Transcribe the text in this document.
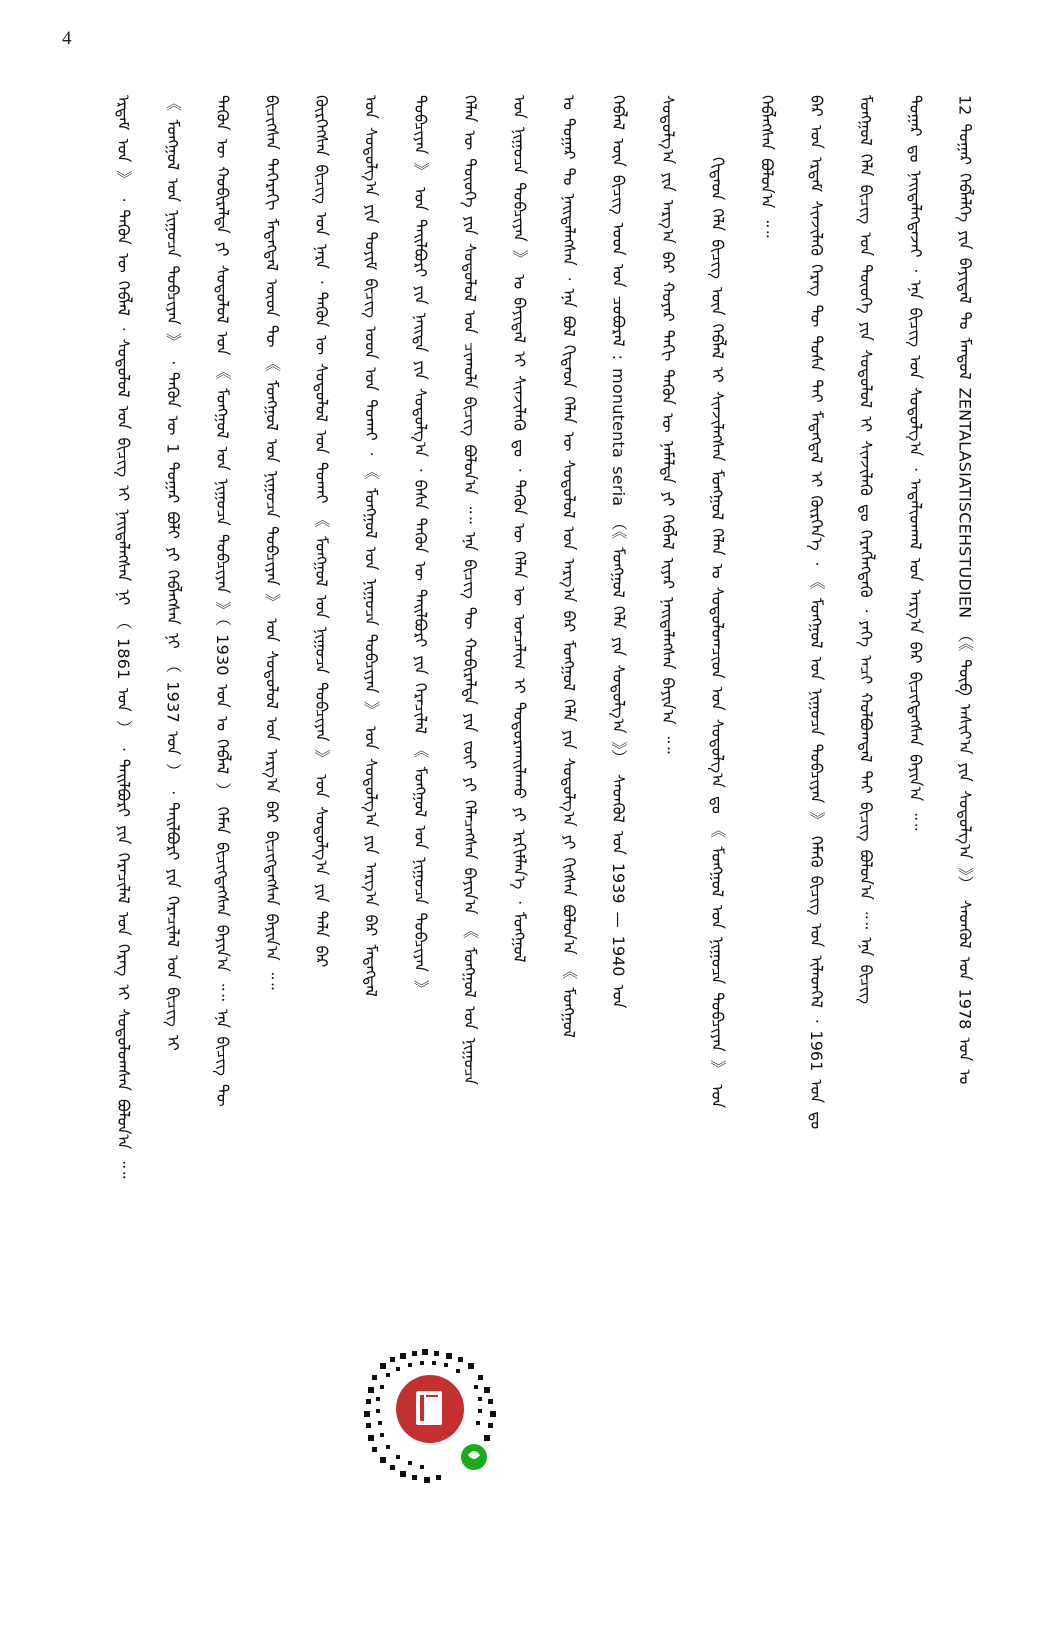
4
12 ᠲᠤᠭᠠᠷ ᠬᠡᠪᠯᠡᠯᠭᠡ ᠶᠢᠨ ᠪᠠᠶᠢᠳᠠᠯ ᠲᠤ ᠮᠠᠨᠳᠤᠯ ZENTALASIATISCEHSTUDIEN （《 ᠲᠥᠪ ᠠᠰᠢᠶ᠎ᠠ ᠶᠢᠨ ᠰᠤᠳᠤᠯᠭ᠎ᠠ 》） ᠰᠡᠳᠬᠦᠯ ᠤᠨ 1978 ᠣᠨ ᠤ
ᠳᠤᠭᠠᠷ ᠳᠤ ᠨᠡᠢᠲᠡᠯᠡᠭᠳᠡᠵᠡᠢ ᠂ ᠡᠨᠡ ᠪᠢᠴᠢᠭ ᠤᠨ ᠰᠤᠳᠤᠯᠭ᠎ᠠ ᠂ ᠠᠳᠠᠯᠢᠳᠬᠠᠯ ᠤᠨ ᠠᠷᠭ᠎ᠠ ᠪᠠᠷ ᠪᠢᠴᠢᠭᠳᠡᠭᠰᠡᠨ ᠪᠠᠶᠢᠨ᠎ᠠ ᠃᠃
ᠮᠣᠩᠭᠣᠯ ᠬᠡᠯᠡ ᠪᠢᠴᠢᠭ ᠤᠨ ᠲᠦᠦᠬᠡ ᠶᠢᠨ ᠰᠤᠳᠤᠯᠤᠯ ᠢ ᠰᠢᠨᠵᠢᠯᠡᠬᠦ ᠳᠤ ᠬᠡᠷᠡᠭᠯᠡᠭᠳᠡᠬᠦ ᠂ ᠶᠡᠬᠡ ᠠᠴᠢ ᠬᠣᠯᠪᠣᠭᠳᠠᠯ ᠲᠠᠢ ᠪᠢᠴᠢᠭ ᠪᠣᠯᠤᠨ᠎ᠠ ᠃᠃ ᠡᠨᠡ ᠪᠢᠴᠢᠭ
ᠪᠠᠷ ᠤᠨ ᠡᠷᠳᠡᠮ ᠰᠢᠨᠵᠢᠯᠡᠬᠦ ᠬᠡᠷᠡᠭ ᠲᠦ ᠲᠤᠰᠠ ᠲᠠᠢ ᠮᠡᠳᠡᠭᠳᠡᠯ ᠢ ᠬᠦᠷᠭᠡᠨ᠎ᠡ ᠂ 《 ᠮᠣᠩᠭᠣᠯ ᠤᠨ ᠨᠢᠭᠤᠴᠠ ᠲᠣᠪᠴᠢᠶᠠᠨ 》 ᠬᠡᠮᠡᠬᠦ ᠪᠢᠴᠢᠭ ᠤᠨ ᠢᠯᠡᠳᠭᠡᠯ ᠂ 1961 ᠣᠨ ᠳᠤ
ᠬᠡᠪᠯᠡᠭᠰᠡᠨ ᠪᠣᠯᠤᠨ᠎ᠠ ᠃᠃
ᠬᠢᠲᠠᠳ ᠬᠡᠯᠡ ᠪᠢᠴᠢᠭ ᠦᠨ ᠬᠡᠪᠯᠡᠯ ᠢ ᠰᠢᠨᠵᠢᠯᠡᠭᠰᠡᠨ ᠮᠣᠩᠭᠣᠯ ᠬᠡᠯᠡᠨ ᠤ ᠰᠤᠳᠤᠯᠤᠭᠴᠢᠳ ᠤᠨ ᠰᠤᠳᠤᠯᠭ᠎ᠠ ᠳᠤ 《 ᠮᠣᠩᠭᠣᠯ ᠤᠨ ᠨᠢᠭᠤᠴᠠ ᠲᠣᠪᠴᠢᠶᠠᠨ 》 ᠤᠨ
ᠰᠤᠳᠤᠯᠭ᠎ᠠ ᠶᠢᠨ ᠠᠷᠭ᠎ᠠ ᠪᠠᠷ ᠬᠣᠶᠠᠷ ᠳᠠᠬᠢ ᠲᠡᠭᠦᠨ ᠦ ᠨᠡᠮᠡᠯᠲᠡ ᠶᠢ ᠬᠡᠪᠯᠡᠯ ᠢᠶᠡᠷ ᠨᠡᠢᠲᠡᠯᠡᠭᠰᠡᠨ ᠪᠠᠶᠢᠨ᠎ᠠ ᠃᠃
ᠬᠡᠪᠯᠡᠯ ᠦᠨ ᠪᠢᠴᠢᠭ ᠤᠳ ᠤᠨ ᠴᠤᠪᠤᠷᠠᠯ : monutenta seria （《 ᠮᠣᠩᠭᠣᠯ ᠬᠡᠯᠡ ᠶᠢᠨ ᠰᠤᠳᠤᠯᠭ᠎ᠠ 》） ᠰᠡᠳᠬᠦᠯ ᠤᠨ 1939 — 1940 ᠣᠨ
ᠤ ᠳᠤᠭᠠᠷ ᠲᠤ ᠨᠡᠢᠲᠡᠯᠡᠭᠰᠡᠨ ᠂ ᠡᠨᠡ ᠪᠣᠯ ᠬᠢᠲᠠᠳ ᠬᠡᠯᠡᠨ ᠦ ᠰᠤᠳᠤᠯᠤᠯ ᠤᠨ ᠠᠷᠭ᠎ᠠ ᠪᠠᠷ ᠮᠣᠩᠭᠣᠯ ᠬᠡᠯᠡ ᠶᠢᠨ ᠰᠤᠳᠤᠯᠭ᠎ᠠ ᠶᠢ ᠬᠢᠭᠰᠡᠨ ᠪᠣᠯᠤᠨ᠎ᠠ 《 ᠮᠣᠩᠭᠣᠯ
ᠤᠨ ᠨᠢᠭᠤᠴᠠ ᠲᠣᠪᠴᠢᠶᠠᠨ 》 ᠤ ᠪᠠᠶᠢᠳᠠᠯ ᠢ ᠰᠢᠨᠵᠢᠯᠡᠬᠦ ᠳᠤ ᠂ ᠲᠡᠭᠦᠨ ᠦ ᠬᠡᠯᠡᠨ ᠦ ᠣᠨᠴᠠᠯᠢᠭ ᠢ ᠲᠣᠳᠤᠷᠬᠠᠢᠯᠠᠬᠤ ᠶᠢ ᠡᠷᠬᠢᠮᠯᠡᠨ᠎ᠡ ᠂ ᠮᠣᠩᠭᠣᠯ
ᠬᠡᠯᠡᠨ ᠦ ᠲᠦᠦᠬᠡ ᠶᠢᠨ ᠰᠤᠳᠤᠯᠤᠯ ᠤᠨ ᠴᠢᠬᠤᠯᠠ ᠪᠢᠴᠢᠭ ᠪᠣᠯᠤᠨ᠎ᠠ ᠃᠃ ᠡᠨᠡ ᠪᠢᠴᠢᠭ ᠲᠦ ᠬᠤᠪᠢᠷᠠᠯᠲᠠ ᠶᠢᠨ ᠵᠦᠢ ᠶᠢ ᠬᠡᠯᠡᠴᠡᠭᠰᠡᠨ ᠪᠠᠶᠢᠨ᠎ᠠ 《 ᠮᠣᠩᠭᠣᠯ ᠤᠨ ᠨᠢᠭᠤᠴᠠ
ᠲᠣᠪᠴᠢᠶᠠᠨ 》 ᠤᠨ ᠲᠠᠢᠯᠪᠤᠷᠢ ᠶᠢᠨ ᠨᠡᠢᠲᠡ ᠶᠢᠨ ᠰᠤᠳᠤᠯᠭ᠎ᠠ ᠂ ᠪᠠᠰᠠ ᠲᠡᠭᠦᠨ ᠦ ᠲᠠᠢᠯᠪᠤᠷᠢ ᠶᠢᠨ ᠭᠡᠷᠡᠴᠢᠯᠡᠯ 《 ᠮᠣᠩᠭᠣᠯ ᠤᠨ ᠨᠢᠭᠤᠴᠠ ᠲᠣᠪᠴᠢᠶᠠᠨ 》
ᠤᠨ ᠰᠤᠳᠤᠯᠭ᠎ᠠ ᠶᠢᠨ ᠲᠣᠶᠢᠮ ᠪᠢᠴᠢᠭ ᠤᠳ ᠤᠨ ᠲᠤᠬᠠᠢ ᠂ 《 ᠮᠣᠩᠭᠣᠯ ᠤᠨ ᠨᠢᠭᠤᠴᠠ ᠲᠣᠪᠴᠢᠶᠠᠨ 》 ᠤᠨ ᠰᠤᠳᠤᠯᠭ᠎ᠠ ᠶᠢᠨ ᠠᠷᠭ᠎ᠠ ᠪᠠᠷ ᠮᠡᠳᠡᠭᠳᠡᠯ
ᠬᠦᠷᠭᠡᠭᠰᠡᠨ ᠪᠢᠴᠢᠭ ᠤᠨ ᠨᠡᠷᠡ ᠂ ᠲᠡᠭᠦᠨ ᠦ ᠰᠤᠳᠤᠯᠤᠯ ᠤᠨ ᠲᠤᠬᠠᠢ 《 ᠮᠣᠩᠭᠣᠯ ᠤᠨ ᠨᠢᠭᠤᠴᠠ ᠲᠣᠪᠴᠢᠶᠠᠨ 》 ᠤᠨ ᠰᠤᠳᠤᠯᠭ᠎ᠠ ᠶᠢᠨ ᠲᠠᠯᠠ ᠪᠠᠷ
ᠪᠢᠴᠢᠭᠰᠡᠨ ᠳᠡᠭᠡᠷᠡᠬᠢ ᠮᠡᠳᠡᠭᠳᠡᠯ ᠦᠳ ᠲᠦ 《 ᠮᠣᠩᠭᠣᠯ ᠤᠨ ᠨᠢᠭᠤᠴᠠ ᠲᠣᠪᠴᠢᠶᠠᠨ 》 ᠤᠨ ᠰᠤᠳᠤᠯᠤᠯ ᠤᠨ ᠠᠷᠭ᠎ᠠ ᠪᠠᠷ ᠪᠢᠴᠢᠭᠳᠡᠭᠰᠡᠨ ᠪᠠᠶᠢᠨ᠎ᠠ ᠃᠃
ᠲᠡᠭᠦᠨ ᠦ ᠬᠤᠪᠢᠷᠠᠯᠲᠠ ᠶᠢ ᠰᠤᠳᠤᠯᠤᠯ ᠤᠨ 《 ᠮᠣᠩᠭᠣᠯ ᠤᠨ ᠨᠢᠭᠤᠴᠠ ᠲᠣᠪᠴᠢᠶᠠᠨ 》（ 1930 ᠣᠨ ᠤ ᠬᠡᠪᠯᠡᠯ ） ᠬᠡᠮᠡᠨ ᠪᠢᠴᠢᠭᠳᠡᠭᠰᠡᠨ ᠪᠠᠶᠢᠨ᠎ᠠ ᠃᠃ ᠡᠨᠡ ᠪᠢᠴᠢᠭ ᠲᠦ
《 ᠮᠣᠩᠭᠣᠯ ᠤᠨ ᠨᠢᠭᠤᠴᠠ ᠲᠣᠪᠴᠢᠶᠠᠨ 》 ᠂ ᠲᠡᠭᠦᠨ ᠦ 1 ᠳᠤᠭᠠᠷ ᠪᠣᠯᠢ ᠶᠢ ᠬᠡᠪᠯᠡᠭᠰᠡᠨ ᠨᠢ （ 1937 ᠣᠨ ） ᠂ ᠲᠠᠢᠯᠪᠤᠷᠢ ᠶᠢᠨ ᠭᠡᠷᠡᠴᠢᠯᠡᠯ ᠤᠨ ᠪᠢᠴᠢᠭ ᠢ
ᠡᠷᠳᠡᠮ ᠤᠨ 》 ᠂ ᠲᠡᠭᠦᠨ ᠦ ᠬᠡᠪᠯᠡᠯ ᠂ ᠰᠤᠳᠤᠯᠤᠯ ᠤᠨ ᠪᠢᠴᠢᠭ ᠢ ᠨᠡᠢᠲᠡᠯᠡᠭᠰᠡᠨ ᠨᠢ （ 1861 ᠣᠨ ） ᠂ ᠲᠠᠢᠯᠪᠤᠷᠢ ᠶᠢᠨ ᠭᠡᠷᠡᠴᠢᠯᠡᠯ ᠤᠨ ᠬᠡᠷᠡᠭ ᠢ ᠰᠤᠳᠤᠯᠤᠭᠰᠠᠨ ᠪᠣᠯᠤᠨ᠎ᠠ ᠃᠃
